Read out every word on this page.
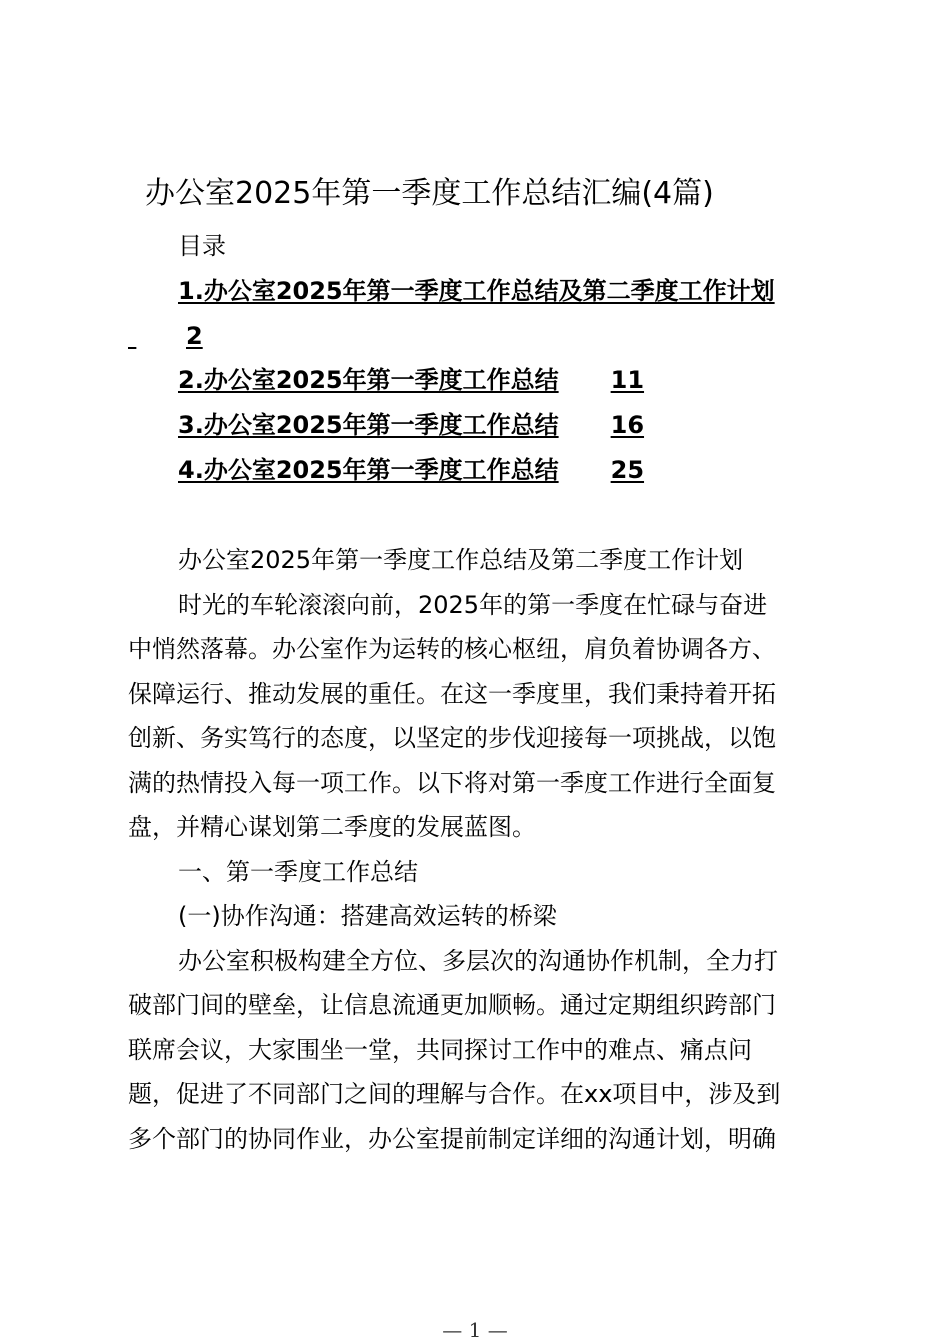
办公室2025年第一季度工作总结汇编(4篇)
目录
1.办公室2025年第一季度工作总结及第二季度工作计划
2
2.办公室2025年第一季度工作总结 11
3.办公室2025年第一季度工作总结 16
4.办公室2025年第一季度工作总结 25
办公室2025年第一季度工作总结及第二季度工作计划
时光的车轮滚滚向前，2025年的第一季度在忙碌与奋进
中悄然落幕。办公室作为运转的核心枢纽，肩负着协调各方、
保障运行、推动发展的重任。在这一季度里，我们秉持着开拓
创新、务实笃行的态度，以坚定的步伐迎接每一项挑战，以饱
满的热情投入每一项工作。以下将对第一季度工作进行全面复
盘，并精心谋划第二季度的发展蓝图。
一、第一季度工作总结
(一)协作沟通：搭建高效运转的桥梁
办公室积极构建全方位、多层次的沟通协作机制，全力打
破部门间的壁垒，让信息流通更加顺畅。通过定期组织跨部门
联席会议，大家围坐一堂，共同探讨工作中的难点、痛点问
题，促进了不同部门之间的理解与合作。在xx项目中，涉及到
多个部门的协同作业，办公室提前制定详细的沟通计划，明确
— 1 —
